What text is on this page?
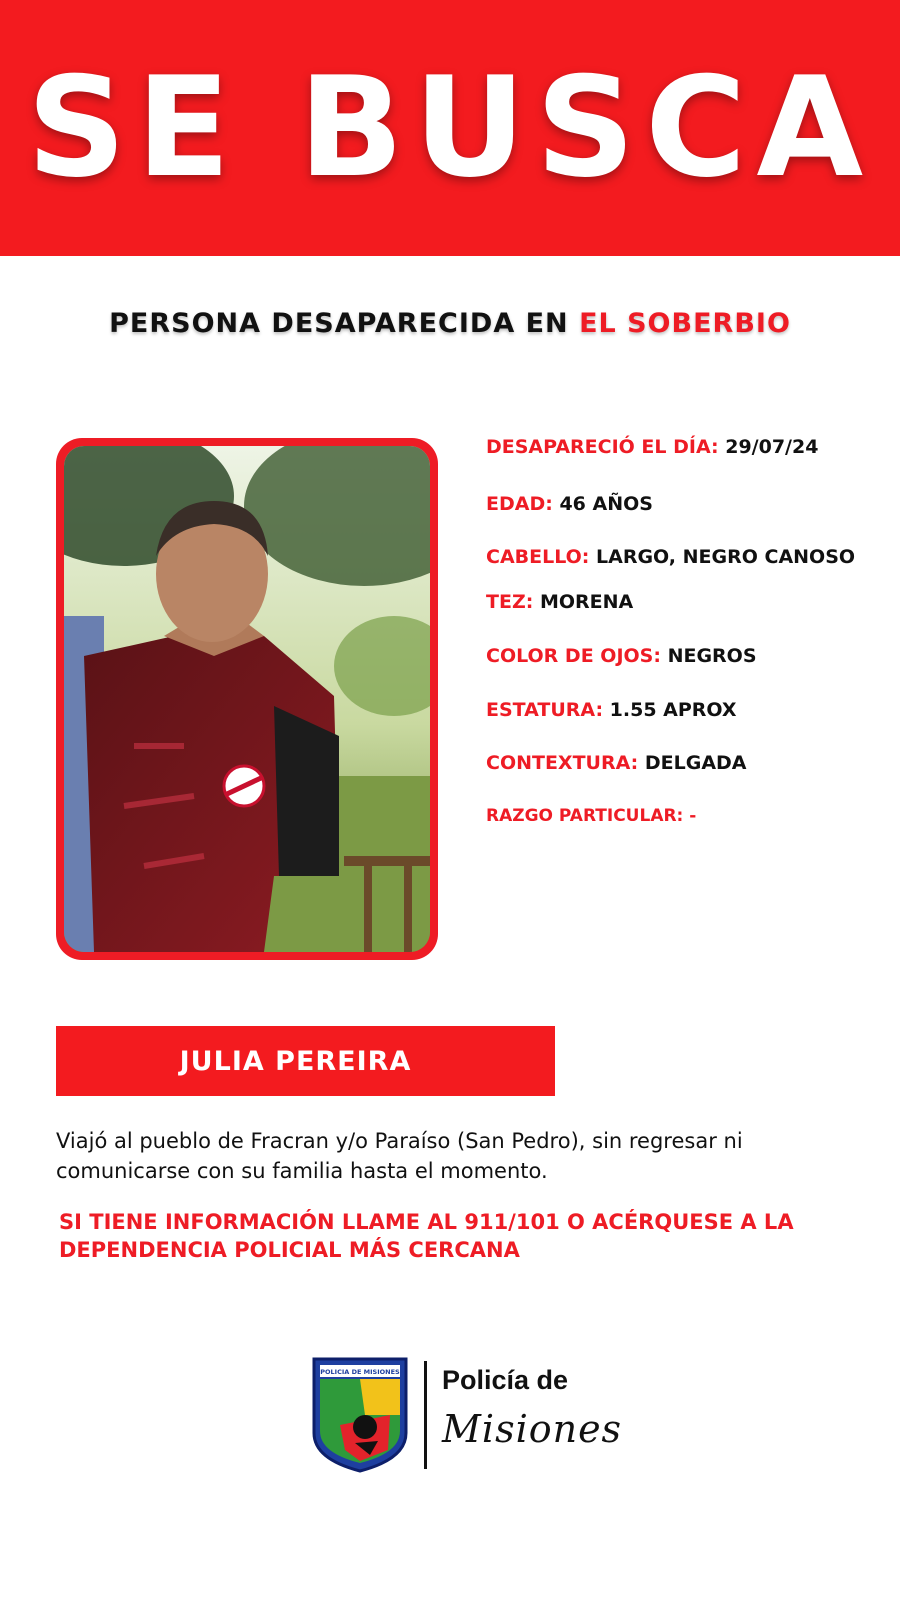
SE BUSCA
PERSONA DESAPARECIDA EN EL SOBERBIO
DESAPARECIÓ EL DÍA: 29/07/24
EDAD: 46 AÑOS
CABELLO: LARGO, NEGRO CANOSO
TEZ: MORENA
COLOR DE OJOS: NEGROS
ESTATURA: 1.55 APROX
CONTEXTURA: DELGADA
RAZGO PARTICULAR: -
JULIA PEREIRA
Viajó al pueblo de Fracran y/o Paraíso (San Pedro), sin regresar ni comunicarse con su familia hasta el momento.
SI TIENE INFORMACIÓN LLAME AL 911/101 O ACÉRQUESE A LA DEPENDENCIA POLICIAL MÁS CERCANA
POLICIA DE MISIONES Policía de
Misiones
